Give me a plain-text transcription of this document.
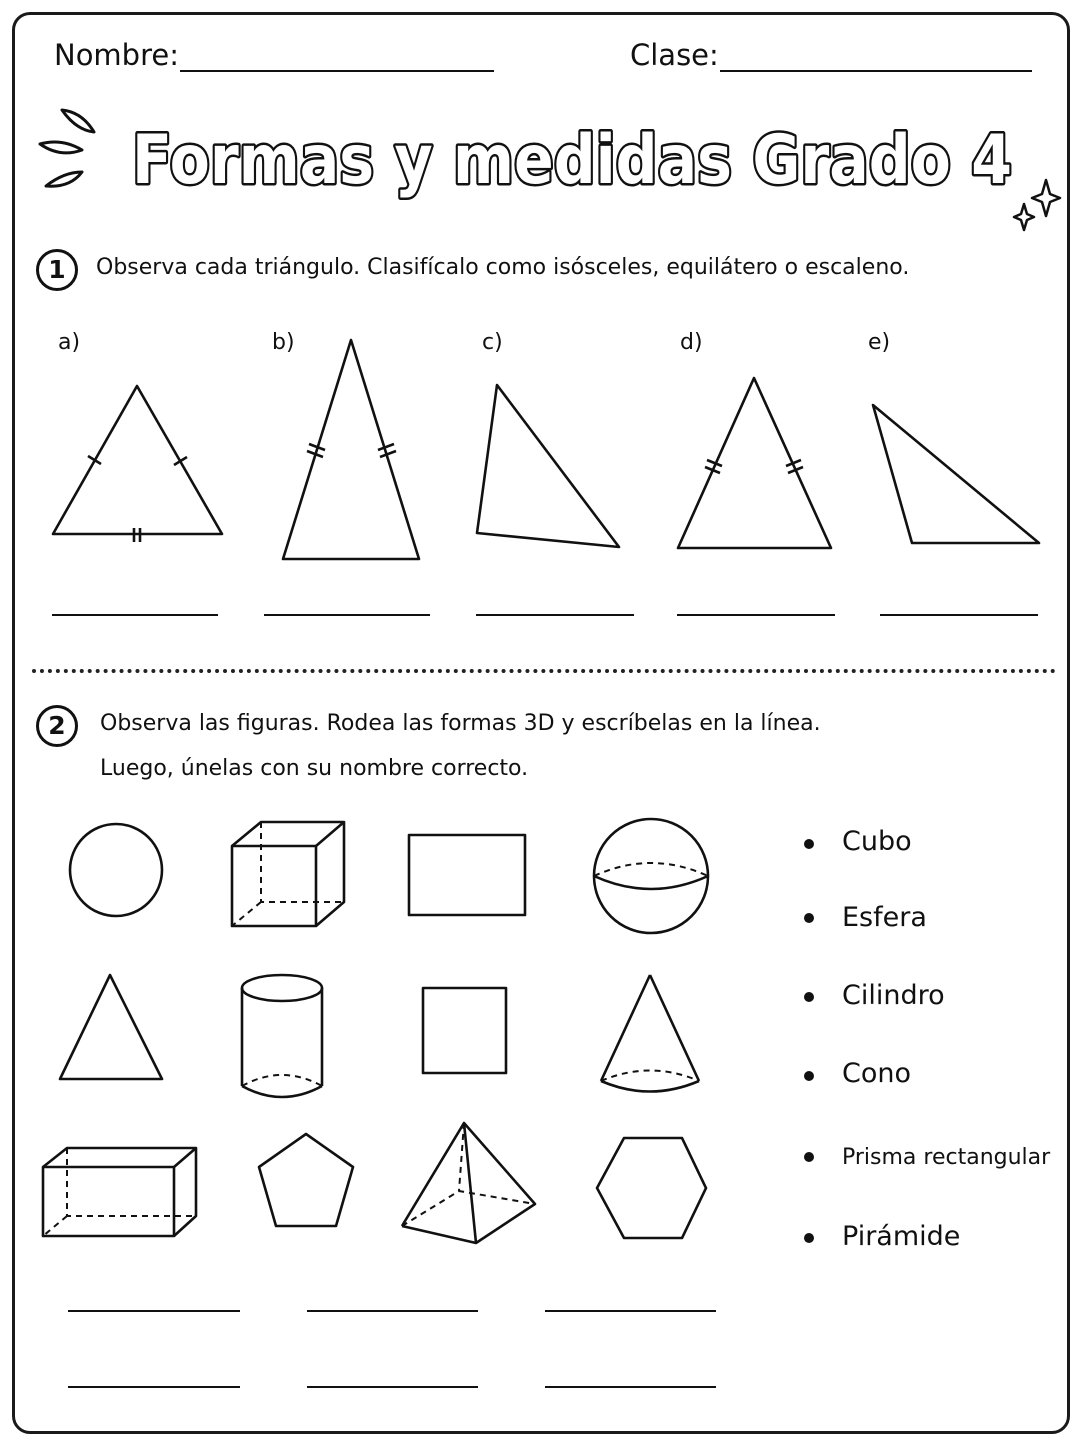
Nombre:	Clase:
Formas y medidas Grado 4
1	Observa cada triángulo. Clasifícalo como isósceles, equilátero o escaleno.
a)	b)	c)	d)	e)
2	Observa las figuras. Rodea las formas 3D y escríbelas en la línea.
Luego, únelas con su nombre correcto.
Cubo
Esfera
Cilindro
Cono
Prisma rectangular
Pirámide
